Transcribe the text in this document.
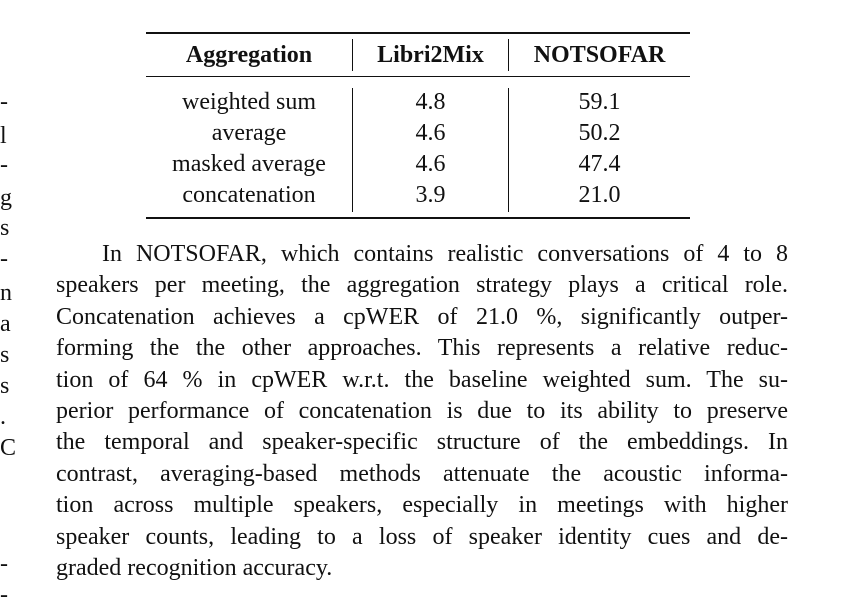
-
l
-
g
s
-
n
a
s
s
.
C
-
-
Aggregation	Libri2Mix	NOTSOFAR
weighted sum	4.8	59.1
average	4.6	50.2
masked average	4.6	47.4
concatenation	3.9	21.0
In NOTSOFAR, which contains realistic conversations of 4 to 8
speakers per meeting, the aggregation strategy plays a critical role.
Concatenation achieves a cpWER of 21.0 %, significantly outper-
forming the the other approaches. This represents a relative reduc-
tion of 64 % in cpWER w.r.t. the baseline weighted sum. The su-
perior performance of concatenation is due to its ability to preserve
the temporal and speaker-specific structure of the embeddings. In
contrast, averaging-based methods attenuate the acoustic informa-
tion across multiple speakers, especially in meetings with higher
speaker counts, leading to a loss of speaker identity cues and de-
graded recognition accuracy.
